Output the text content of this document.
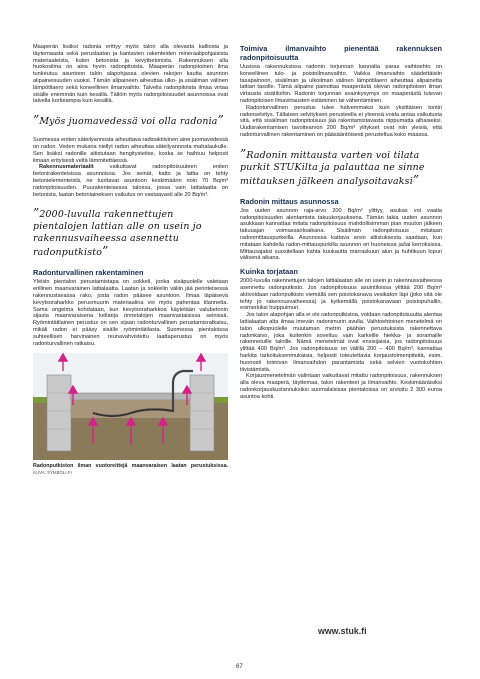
Maaperän lisäksi radonia erittyy myös talon alla olevasta kalliosta ja täytemaasta sekä peruslaatan ja kantavien rakenteiden mineraalipohjaisista materiaaleista, kuten betonista ja kevytbetonista. Rakennuksen alla huokosilma on aina hyvin radonpitoista. Maaperän radonpitoinen ilma tunkeutuu asuntoon talon alapohjassa olevien rakojen kautta asunnon alipaineisuuden vuoksi. Tämän alipaineen aiheuttaa ulko- ja sisäilman välinen lämpötilaero sekä koneellinen ilmanvaihto. Talvella radonpitoista ilmaa virtaa sisälle enemmän kuin kesällä. Tällöin myös radonpitoisuudet asunnoissa ovat talvella korkeampia kuin kesällä.

”Myös juomavedessä voi olla radonia”

Suomessa eniten säteilyannosta aiheuttava radioaktiivinen aine juomavedessä on radon. Veden mukana niellyt radon aiheuttaa säteilyannosta mahalaukulle. Sen lisäksi radonille altistutaan hengitysteitse, koska se haihtuu helposti ilmaan erityisesti veltä lämmitettäessä.

Rakennusmateriaalit vaikuttavat radonpitoisuuteen eniten betonirakenteisissa asunnoissa. Jos seinät, katto ja lattia on tehty betonielementeistä, ne tuottavat asuntoon keskimäärin noin 70 Bq/m³ radonpitoisuuden. Puurakenteisessa talossa, jossa vain lattialaatta on betonista, laatan betoniaineksen vaikutus on vastaavasti alle 20 Bq/m³.

”2000-luvulla rakennettujen pientalojen lattian alle on usein jo rakennusvaiheessa asennettu radonputkisto”
Radonturvallinen rakentaminen

Yleisin pientalon perustamistapa on sokkeli, jonka sisäpuolelle valetaan erillinen maanvarainen lattialaatta. Laatan ja sokkelin väliin jää perinteisessä rakennustavassa rako, josta radon pääsee asuntoon. Ilmaa läpäisevä kevytsoraharkko perusmuurin materiaalina voi myös pahentaa tilannetta. Sama ongelma kohdataan, kun kevytsoraharkkoa käytetään valubetonin sijasta maanvaraisena kellarija rinnetalojen maanvastaisissa seinissä. Ryömintätilainen perustus on sen sijaan radonturvallinen perustamisratkaisu, mikäli radon ei pääsy sisälle ryömintätilasta. Suomessa pientaloissa suhteellisen harvinainen reunavahvistettu laattaperustus on myös radonturvallinen ratkaisu.

Radonputkiston ilman vuotoreittejä maanvaraisen laatan perustuksissa. KUVA: SYMBOLI.FI
Toimiva ilmanvaihto pienentää rakennuksen radonpitoisuutta

Uusissa rakennuksissa radonin torjunnan kannalta paras vaihtoehto on koneellinen tulo- ja poistoilmanvaihto. Vaikka ilmanvaihto säädettäisiin tasapainoon, sisäilman ja ulkoilman välinen lämpötilaero aiheuttaa alipainetta lattian tasolle. Tämä alipaine painottaa maaperästä olevan radonpitoisen ilman virtausta sisätiloihin. Radonin torjunnan avainkysymys on maaperästä tulevan radonpitoisen ilmavirtausten estäminen tai vähentäminen.

Radonturvallinen perustus tulee halvemmaksi kuin yksittäisen tontin radonselvitys. Tällaisen selvityksen perusteella ei yleensä voida antaa vaikutusta sitä, että sisäilman radonpitoisuus jää rakentamistavasta riippumatta alhaiseksi. Uudisrakentamisen tavoitearvon 200 Bq/m³ ylitykset ovat niin yleisiä, että radonturvallinen rakentaminen on pääsääntöisesti perusteltua koko maassa.

”Radonin mittausta varten voi tilata purkit STUKilta ja palauttaa ne sinne mittauksen jälkeen analysoitavaksi”
Radonin mittaus asunnossa

Jos uuden asunnon raja-arvo 200 Bq/m³ ylittyy, asukas voi vaatia radonpitoisuuden alentamista takuukorjauksena. Tämän takia uuden asunnon asukkaan kannattaa mitata radonpitoisuus mahdollisimman pian muuton jälkeen takuuajan voimassaoloaikana. Sisäilman radonpitoisuus mitataan radonmittauspurkeilla. Asunnossa kattava arvio altistuksesta saadaan, kun mitataan kahdella radon-mittauspurkilla asunnon eri huoneissa ja/tai kerroksissa. Mittausajaksi suositellaan kahta kuukautta marraskuun alun ja huhtikuun lopun välisenä aikana.

Kuinka torjataan

2000-luvulla rakennettujen talojen lattialaatan alle on usein jo rakennusvaiheessa asennettu radonputkisto. Jos radonpitoisuus asuintiloissa ylittää 200 Bq/m³ aktivoidaan radonputkisto viemällä sen poistokanava vesikaton läpi (joko sitä ole tehty jo rakennusvaiheessa) ja kytkemällä poistokanavaan poistopuhallin, esimerkiksi huippuimuri.

Jos talon alapohjan alla ei ole radonputkistoa, voidaan radonpitoisuutta alentaa lattialaatan alta ilmaa imevän radonimurin avulla. Vaihtoehtoinen menetelmä on talon ulkopuolelle muutaman metrin päähän perustuksista rakennettava radonkaivo, joka kuitenkin soveltuu vain karkeille hiekka- ja soramaille rakennetuille taloille. Nämä menetelmät ovat ensisijaisia, jos radonpitoisuus ylittää 400 Bq/m³. Jos radonpitoisuus on välillä 200 – 400 Bq/m³, kannattaa harkita tarkoituksenmukaisia, helposti toteutettavia korjaustoimenpiteitä, esim. huonosti toimivan ilmanvaihdon parantamista sekä selvien vuotokohtien tiivistämistä.

Korjausmenetelmän valintaan vaikuttavat mitattu radonpitoisuus, rakennuksen alla oleva maaperä, täyttemaa, talon rakenteet ja ilmanvaihto. Keskimääräisiksi radonkorjauskustannuksiksi suomalaisissa pientaloissa on arvioitu 2 300 euroa asuntoa kohti.

www.stuk.fi
67
